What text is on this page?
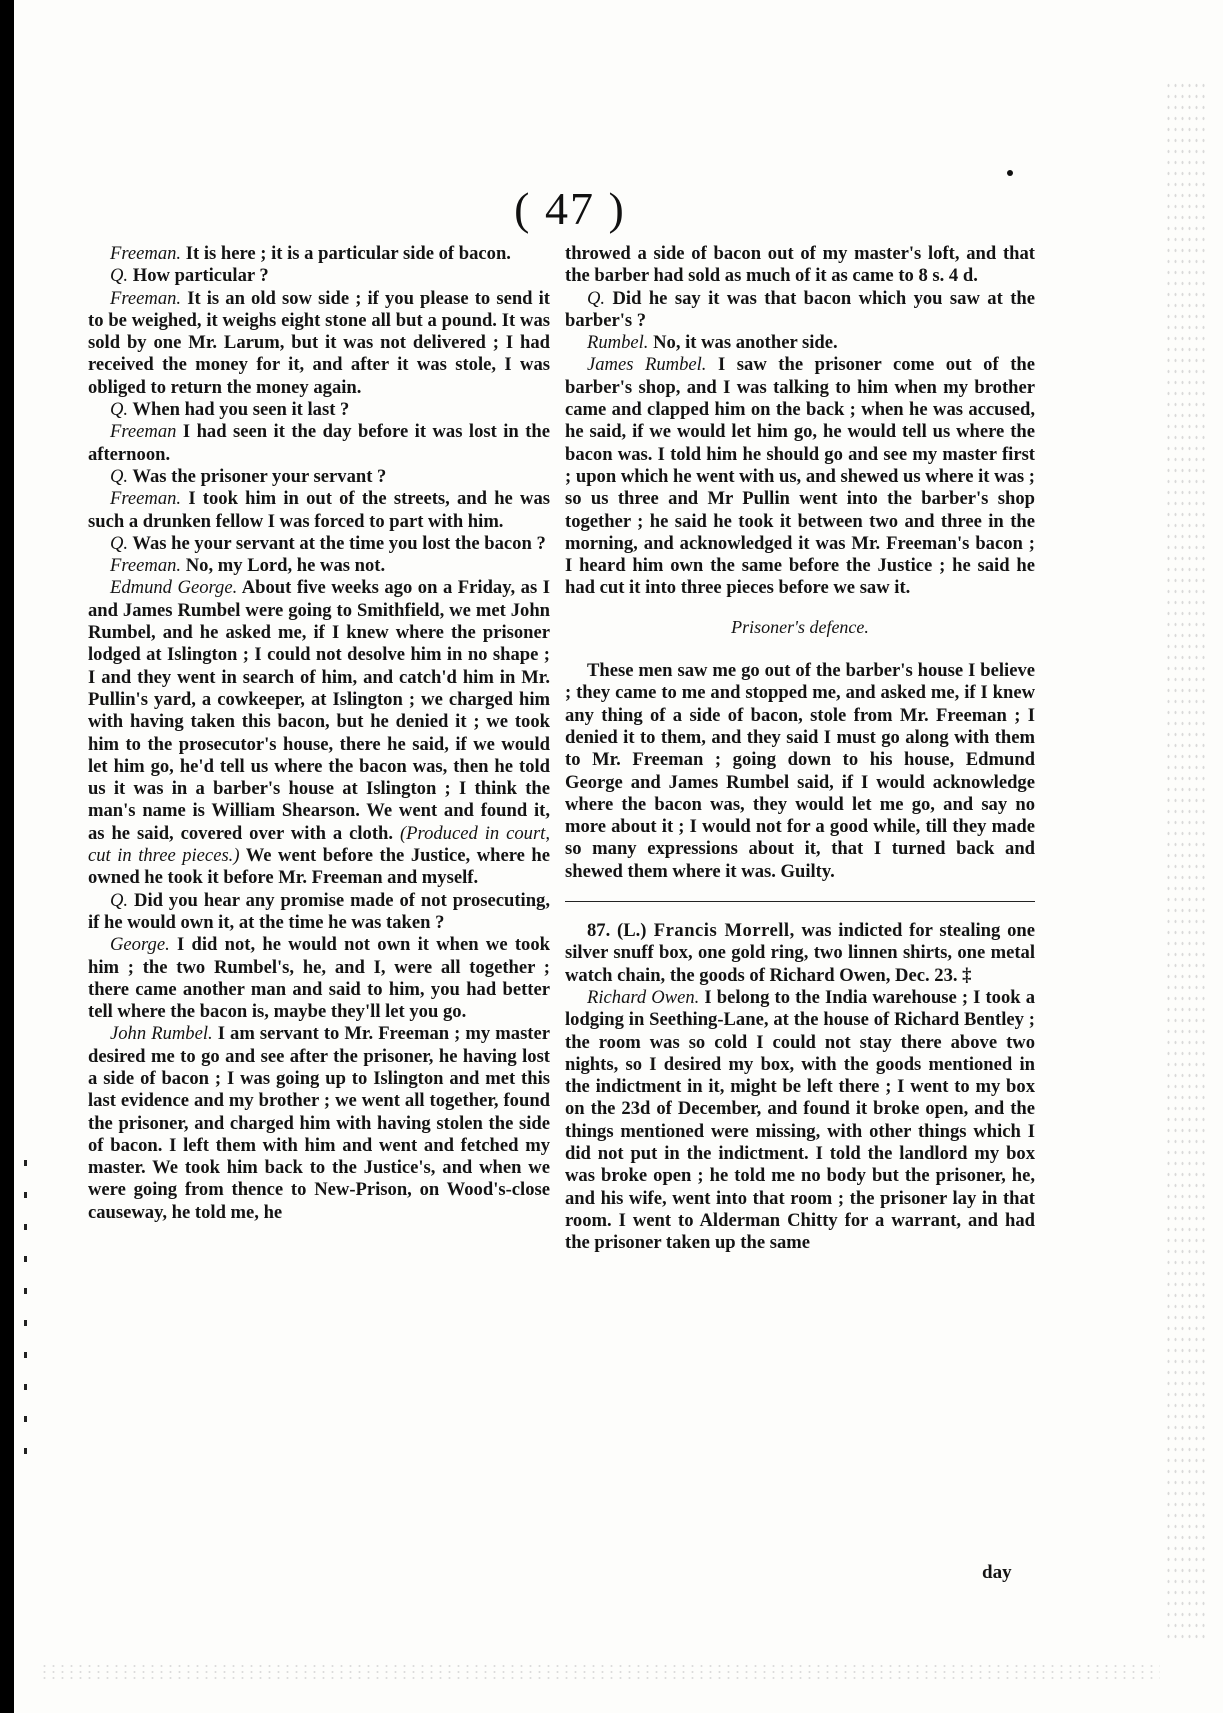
( 47 )

Freeman. It is here ; it is a particular side of bacon.

Q. How particular ?

Freeman. It is an old sow side ; if you please to send it to be weighed, it weighs eight stone all but a pound. It was sold by one Mr. Larum, but it was not delivered ; I had received the money for it, and after it was stole, I was obliged to return the money again.

Q. When had you seen it last ?

Freeman I had seen it the day before it was lost in the afternoon.

Q. Was the prisoner your servant ?

Freeman. I took him in out of the streets, and he was such a drunken fellow I was forced to part with him.

Q. Was he your servant at the time you lost the bacon ?

Freeman. No, my Lord, he was not.

Edmund George. About five weeks ago on a Friday, as I and James Rumbel were going to Smithfield, we met John Rumbel, and he asked me, if I knew where the prisoner lodged at Islington ; I could not desolve him in no shape ; I and they went in search of him, and catch'd him in Mr. Pullin's yard, a cowkeeper, at Islington ; we charged him with having taken this bacon, but he denied it ; we took him to the prosecutor's house, there he said, if we would let him go, he'd tell us where the bacon was, then he told us it was in a barber's house at Islington ; I think the man's name is William Shearson. We went and found it, as he said, covered over with a cloth. (Produced in court, cut in three pieces.) We went before the Justice, where he owned he took it before Mr. Freeman and myself.

Q. Did you hear any promise made of not prosecuting, if he would own it, at the time he was taken ?

George. I did not, he would not own it when we took him ; the two Rumbel's, he, and I, were all together ; there came another man and said to him, you had better tell where the bacon is, maybe they'll let you go.

John Rumbel. I am servant to Mr. Freeman ; my master desired me to go and see after the prisoner, he having lost a side of bacon ; I was going up to Islington and met this last evidence and my brother ; we went all together, found the prisoner, and charged him with having stolen the side of bacon. I left them with him and went and fetched my master. We took him back to the Justice's, and when we were going from thence to New-Prison, on Wood's-close causeway, he told me, he

throwed a side of bacon out of my master's loft, and that the barber had sold as much of it as came to 8 s. 4 d.

Q. Did he say it was that bacon which you saw at the barber's ?

Rumbel. No, it was another side.

James Rumbel. I saw the prisoner come out of the barber's shop, and I was talking to him when my brother came and clapped him on the back ; when he was accused, he said, if we would let him go, he would tell us where the bacon was. I told him he should go and see my master first ; upon which he went with us, and shewed us where it was ; so us three and Mr Pullin went into the barber's shop together ; he said he took it between two and three in the morning, and acknowledged it was Mr. Freeman's bacon ; I heard him own the same before the Justice ; he said he had cut it into three pieces before we saw it.

Prisoner's defence.

These men saw me go out of the barber's house I believe ; they came to me and stopped me, and asked me, if I knew any thing of a side of bacon, stole from Mr. Freeman ; I denied it to them, and they said I must go along with them to Mr. Freeman ; going down to his house, Edmund George and James Rumbel said, if I would acknowledge where the bacon was, they would let me go, and say no more about it ; I would not for a good while, till they made so many expressions about it, that I turned back and shewed them where it was. Guilty.

87. (L.) Francis Morrell, was indicted for stealing one silver snuff box, one gold ring, two linnen shirts, one metal watch chain, the goods of Richard Owen, Dec. 23. ‡

Richard Owen. I belong to the India warehouse ; I took a lodging in Seething-Lane, at the house of Richard Bentley ; the room was so cold I could not stay there above two nights, so I desired my box, with the goods mentioned in the indictment in it, might be left there ; I went to my box on the 23d of December, and found it broke open, and the things mentioned were missing, with other things which I did not put in the indictment. I told the landlord my box was broke open ; he told me no body but the prisoner, he, and his wife, went into that room ; the prisoner lay in that room. I went to Alderman Chitty for a warrant, and had the prisoner taken up the same

day
